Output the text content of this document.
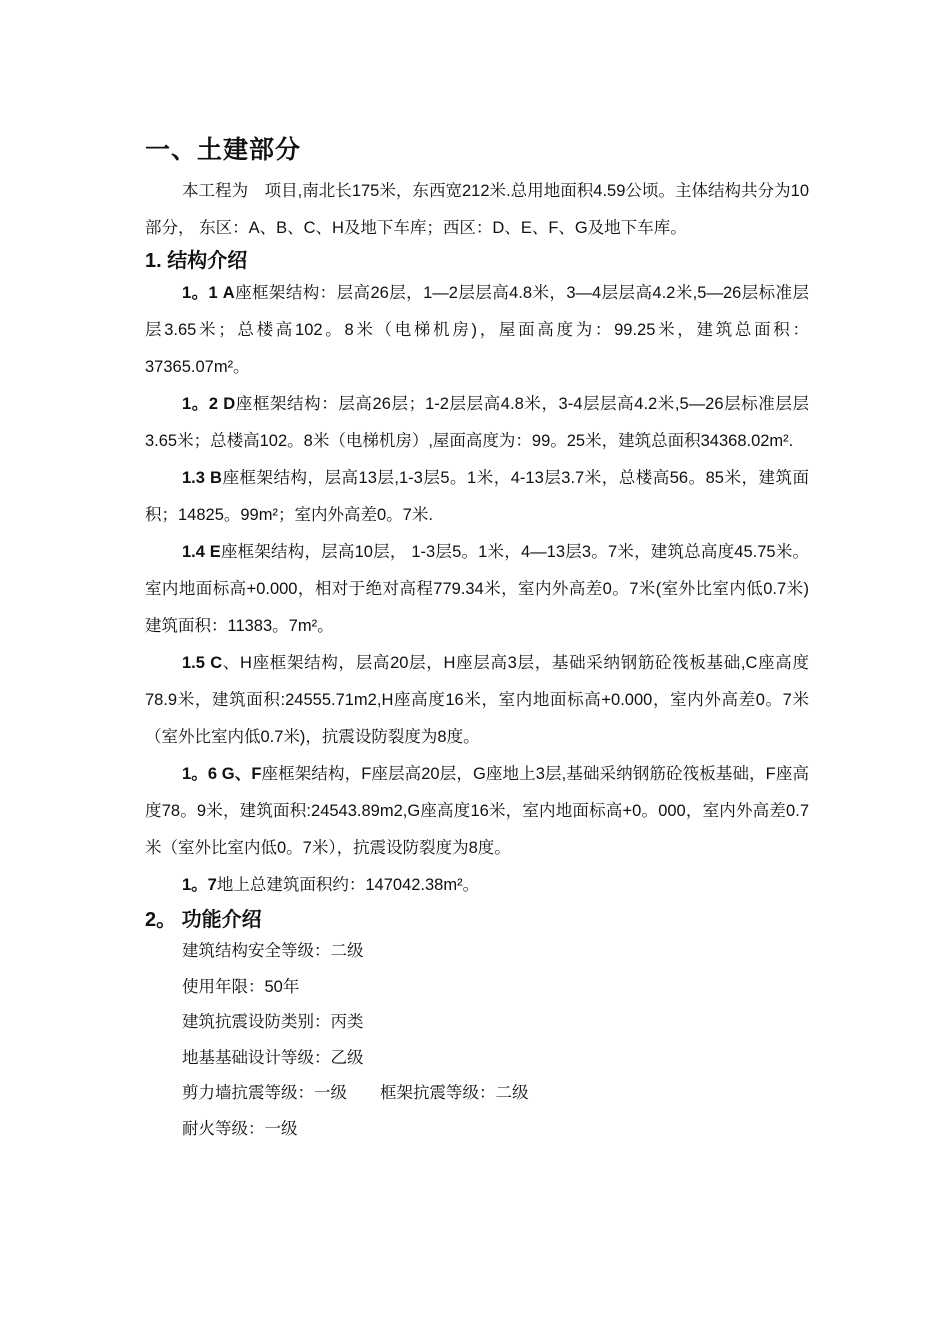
一、土建部分

本工程为　项目,南北长175米，东西宽212米.总用地面积4.59公顷。主体结构共分为10部分， 东区：A、B、C、H及地下车库；西区：D、E、F、G及地下车库。

1. 结构介绍

1。1 A座框架结构：层高26层，1—2层层高4.8米，3—4层层高4.2米,5—26层标准层层3.65米；总楼高102。8米（电梯机房)，屋面高度为：99.25米，建筑总面积：37365.07m²。

1。2 D座框架结构：层高26层；1-2层层高4.8米，3-4层层高4.2米,5—26层标准层层3.65米；总楼高102。8米（电梯机房）,屋面高度为：99。25米，建筑总面积34368.02m².

1.3 B座框架结构，层高13层,1-3层5。1米，4-13层3.7米，总楼高56。85米，建筑面积；14825。99m²；室内外高差0。7米.

1.4 E座框架结构，层高10层， 1-3层5。1米，4—13层3。7米，建筑总高度45.75米。室内地面标高+0.000，相对于绝对高程779.34米，室内外高差0。7米(室外比室内低0.7米)建筑面积：11383。7m²。

1.5 C、H座框架结构，层高20层，H座层高3层，基础采纳钢筋砼筏板基础,C座高度78.9米，建筑面积:24555.71m2,H座高度16米，室内地面标高+0.000，室内外高差0。7米（室外比室内低0.7米)，抗震设防裂度为8度。

1。6 G、F座框架结构，F座层高20层，G座地上3层,基础采纳钢筋砼筏板基础，F座高度78。9米，建筑面积:24543.89m2,G座高度16米，室内地面标高+0。000，室内外高差0.7米（室外比室内低0。7米），抗震设防裂度为8度。

1。7地上总建筑面积约：147042.38m²。

2。 功能介绍

建筑结构安全等级：二级

使用年限：50年

建筑抗震设防类别：丙类

地基基础设计等级：乙级

剪力墙抗震等级：一级　　框架抗震等级：二级

耐火等级：一级
